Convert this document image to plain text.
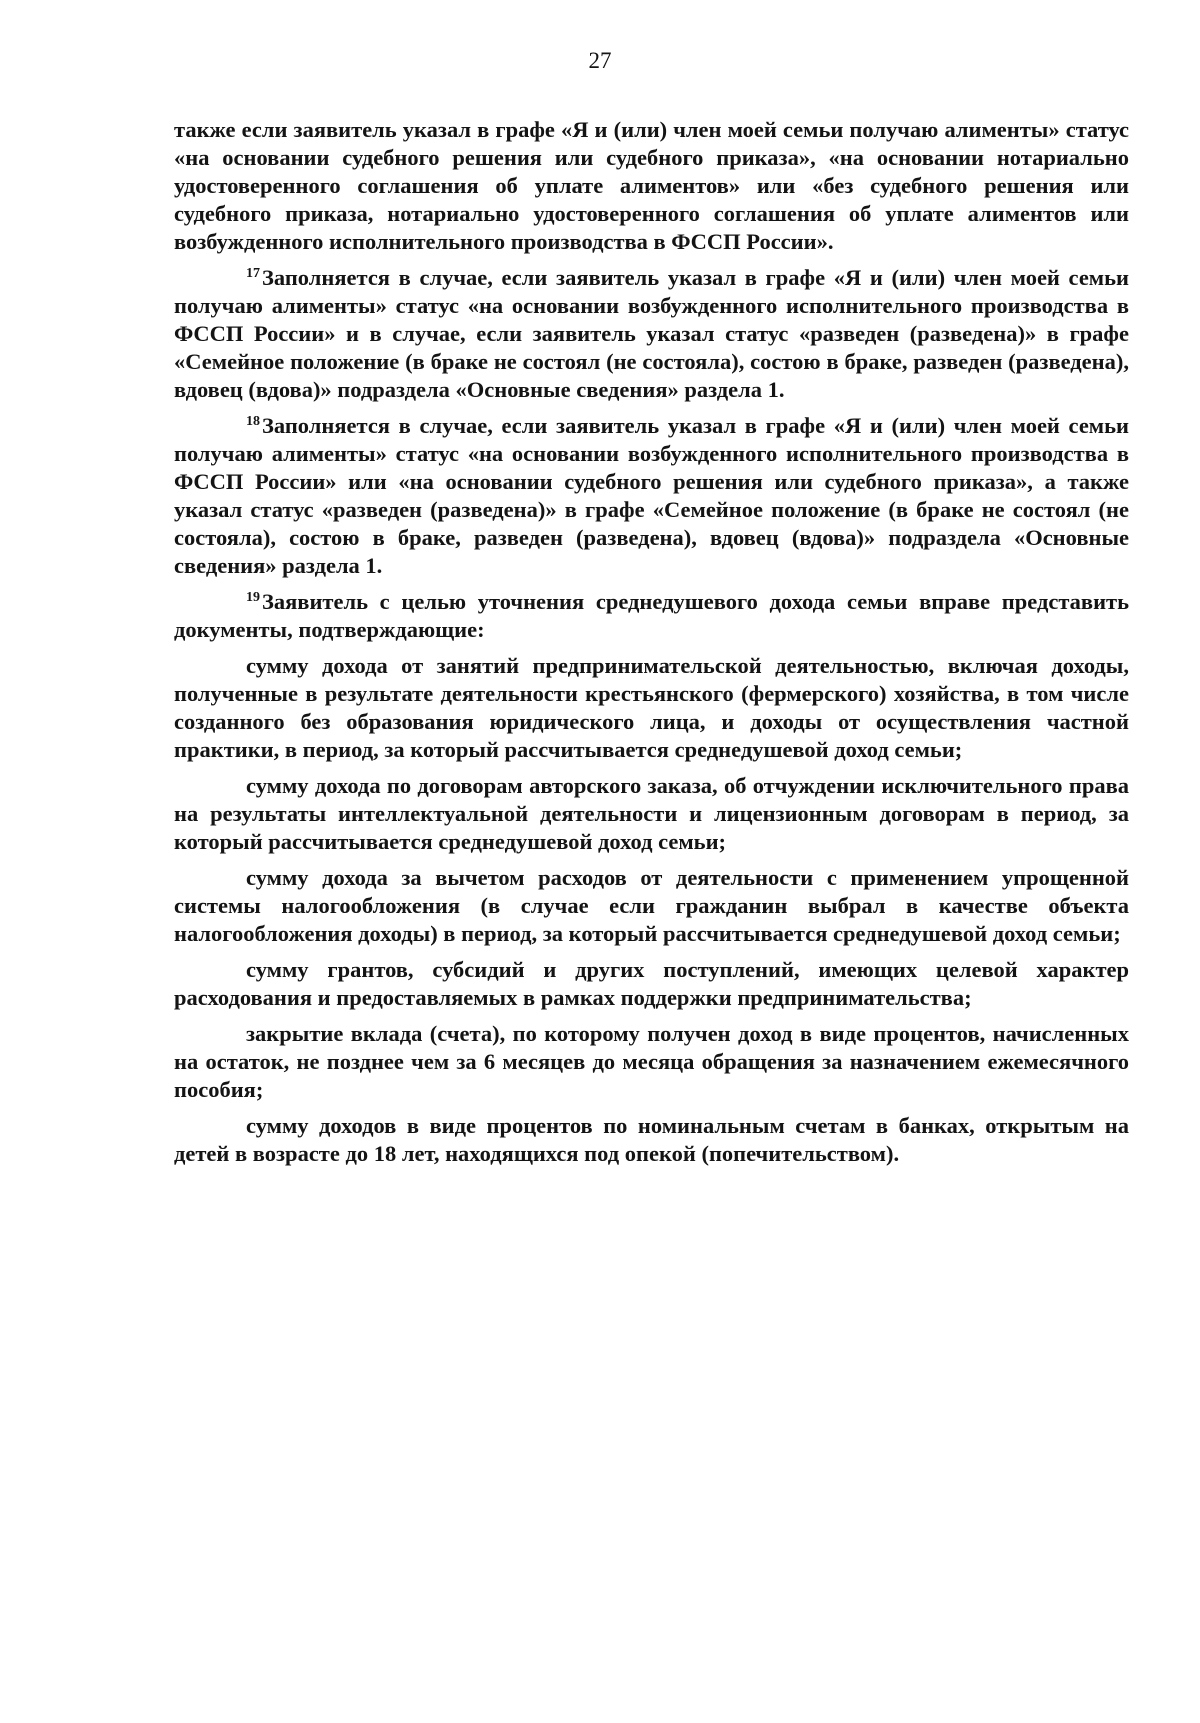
27

также если заявитель указал в графе «Я и (или) член моей семьи получаю алименты» статус «на основании судебного решения или судебного приказа», «на основании нотариально удостоверенного соглашения об уплате алиментов» или «без судебного решения или судебного приказа, нотариально удостоверенного соглашения об уплате алиментов или возбужденного исполнительного производства в ФССП России».

$^{17}$Заполняется в случае, если заявитель указал в графе «Я и (или) член моей семьи получаю алименты» статус «на основании возбужденного исполнительного производства в ФССП России» и в случае, если заявитель указал статус «разведен (разведена)» в графе «Семейное положение (в браке не состоял (не состояла), состою в браке, разведен (разведена), вдовец (вдова)» подраздела «Основные сведения» раздела 1.

$^{18}$Заполняется в случае, если заявитель указал в графе «Я и (или) член моей семьи получаю алименты» статус «на основании возбужденного исполнительного производства в ФССП России» или «на основании судебного решения или судебного приказа», а также указал статус «разведен (разведена)» в графе «Семейное положение (в браке не состоял (не состояла), состою в браке, разведен (разведена), вдовец (вдова)» подраздела «Основные сведения» раздела 1.

$^{19}$Заявитель с целью уточнения среднедушевого дохода семьи вправе представить документы, подтверждающие:

сумму дохода от занятий предпринимательской деятельностью, включая доходы, полученные в результате деятельности крестьянского (фермерского) хозяйства, в том числе созданного без образования юридического лица, и доходы от осуществления частной практики, в период, за который рассчитывается среднедушевой доход семьи;

сумму дохода по договорам авторского заказа, об отчуждении исключительного права на результаты интеллектуальной деятельности и лицензионным договорам в период, за который рассчитывается среднедушевой доход семьи;

сумму дохода за вычетом расходов от деятельности с применением упрощенной системы налогообложения (в случае если гражданин выбрал в качестве объекта налогообложения доходы) в период, за который рассчитывается среднедушевой доход семьи;

сумму грантов, субсидий и других поступлений, имеющих целевой характер расходования и предоставляемых в рамках поддержки предпринимательства;

закрытие вклада (счета), по которому получен доход в виде процентов, начисленных на остаток, не позднее чем за 6 месяцев до месяца обращения за назначением ежемесячного пособия;

сумму доходов в виде процентов по номинальным счетам в банках, открытым на детей в возрасте до 18 лет, находящихся под опекой (попечительством).
